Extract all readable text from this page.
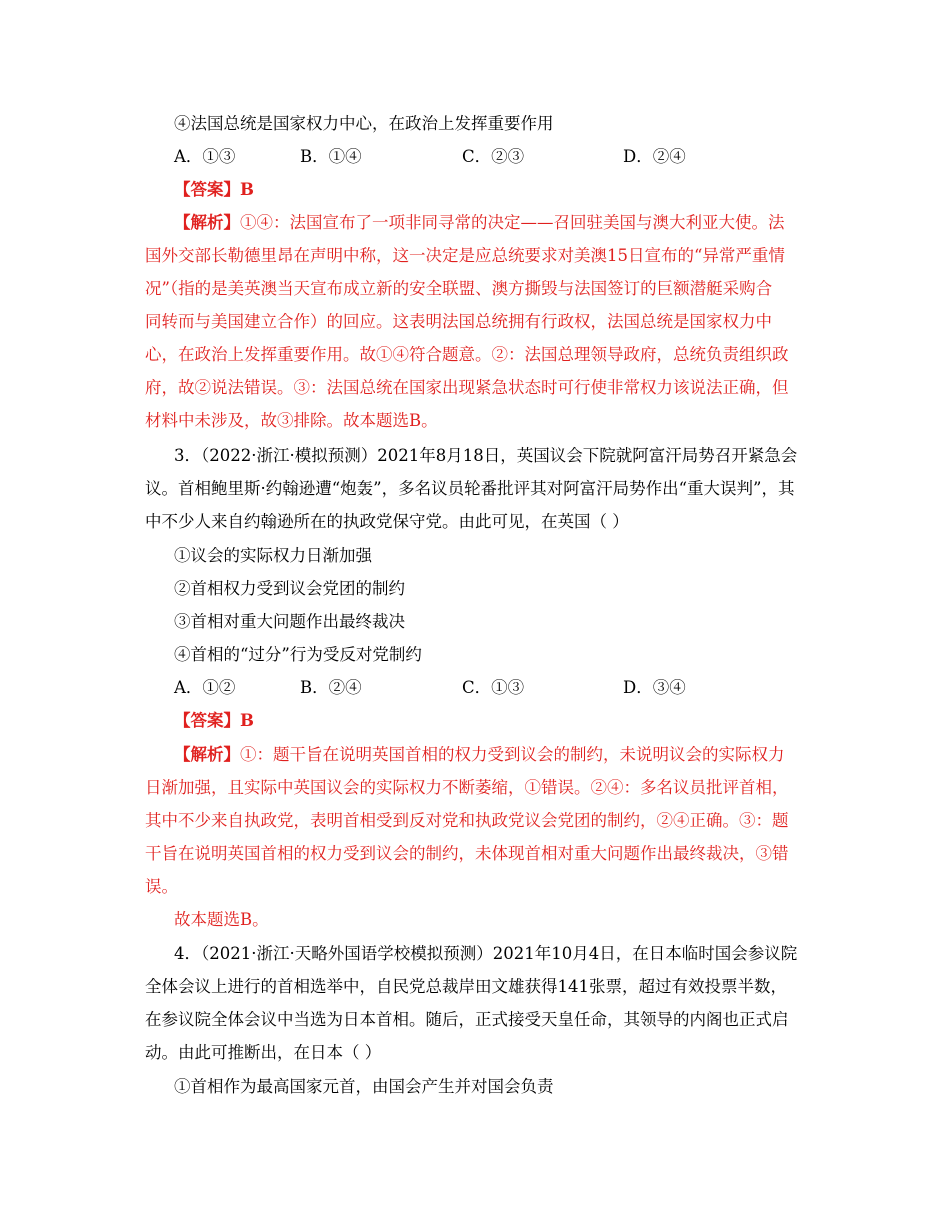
④法国总统是国家权力中心，在政治上发挥重要作用
A．①③	B．①④	C．②③	D．②④
【答案】B
【解析】①④：法国宣布了一项非同寻常的决定——召回驻美国与澳大利亚大使。法
国外交部长勒德里昂在声明中称，这一决定是应总统要求对美澳15日宣布的“异常严重情
况”（指的是美英澳当天宣布成立新的安全联盟、澳方撕毁与法国签订的巨额潜艇采购合
同转而与美国建立合作）的回应。这表明法国总统拥有行政权，法国总统是国家权力中
心，在政治上发挥重要作用。故①④符合题意。②：法国总理领导政府，总统负责组织政
府，故②说法错误。③：法国总统在国家出现紧急状态时可行使非常权力该说法正确，但
材料中未涉及，故③排除。故本题选B。
3．（2022·浙江·模拟预测）2021年8月18日，英国议会下院就阿富汗局势召开紧急会
议。首相鲍里斯·约翰逊遭“炮轰”，多名议员轮番批评其对阿富汗局势作出“重大误判”，其
中不少人来自约翰逊所在的执政党保守党。由此可见，在英国（ ）
①议会的实际权力日渐加强
②首相权力受到议会党团的制约
③首相对重大问题作出最终裁决
④首相的“过分”行为受反对党制约
A．①②	B．②④	C．①③	D．③④
【答案】B
【解析】①：题干旨在说明英国首相的权力受到议会的制约，未说明议会的实际权力
日渐加强，且实际中英国议会的实际权力不断萎缩，①错误。②④：多名议员批评首相，
其中不少来自执政党，表明首相受到反对党和执政党议会党团的制约，②④正确。③：题
干旨在说明英国首相的权力受到议会的制约，未体现首相对重大问题作出最终裁决，③错
误。
故本题选B。
4．（2021·浙江·天略外国语学校模拟预测）2021年10月4日，在日本临时国会参议院
全体会议上进行的首相选举中，自民党总裁岸田文雄获得141张票，超过有效投票半数，
在参议院全体会议中当选为日本首相。随后，正式接受天皇任命，其领导的内阁也正式启
动。由此可推断出，在日本（ ）
①首相作为最高国家元首，由国会产生并对国会负责
